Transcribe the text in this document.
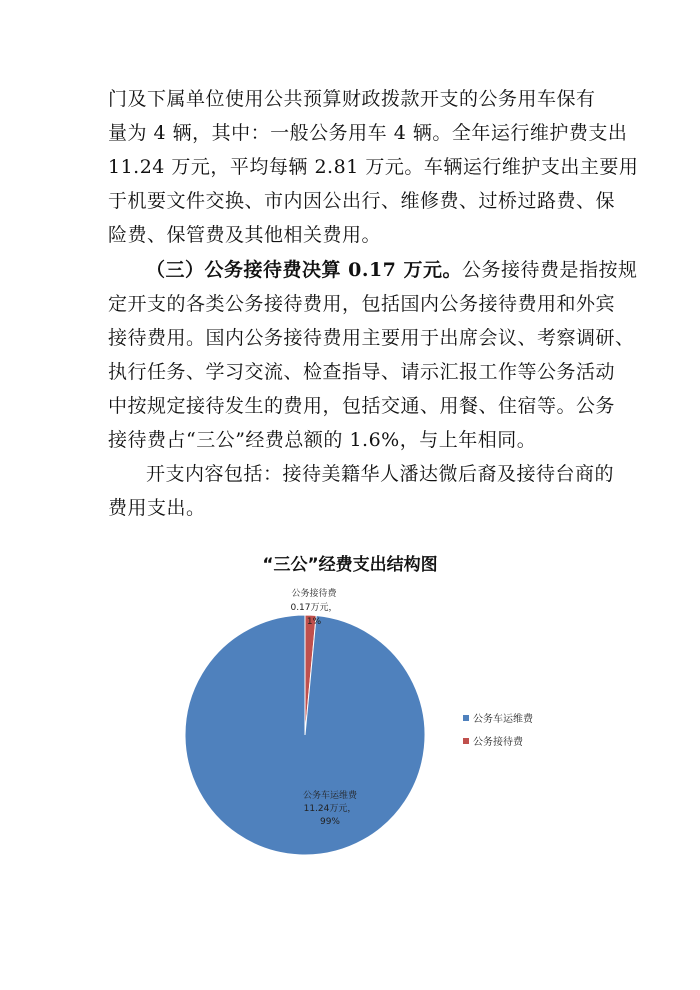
门及下属单位使用公共预算财政拨款开支的公务用车保有
量为 4 辆，其中：一般公务用车 4 辆。全年运行维护费支出
11.24 万元，平均每辆 2.81 万元。车辆运行维护支出主要用
于机要文件交换、市内因公出行、维修费、过桥过路费、保
险费、保管费及其他相关费用。
（三）公务接待费决算 0.17 万元。公务接待费是指按规
定开支的各类公务接待费用，包括国内公务接待费用和外宾
接待费用。国内公务接待费用主要用于出席会议、考察调研、
执行任务、学习交流、检查指导、请示汇报工作等公务活动
中按规定接待发生的费用，包括交通、用餐、住宿等。公务
接待费占“三公”经费总额的 1.6%，与上年相同。
开支内容包括：接待美籍华人潘达微后裔及接待台商的
费用支出。
“三公”经费支出结构图
公务接待费
0.17万元，
1%
公务车运维费
11.24万元，
99%
公务车运维费
公务接待费
